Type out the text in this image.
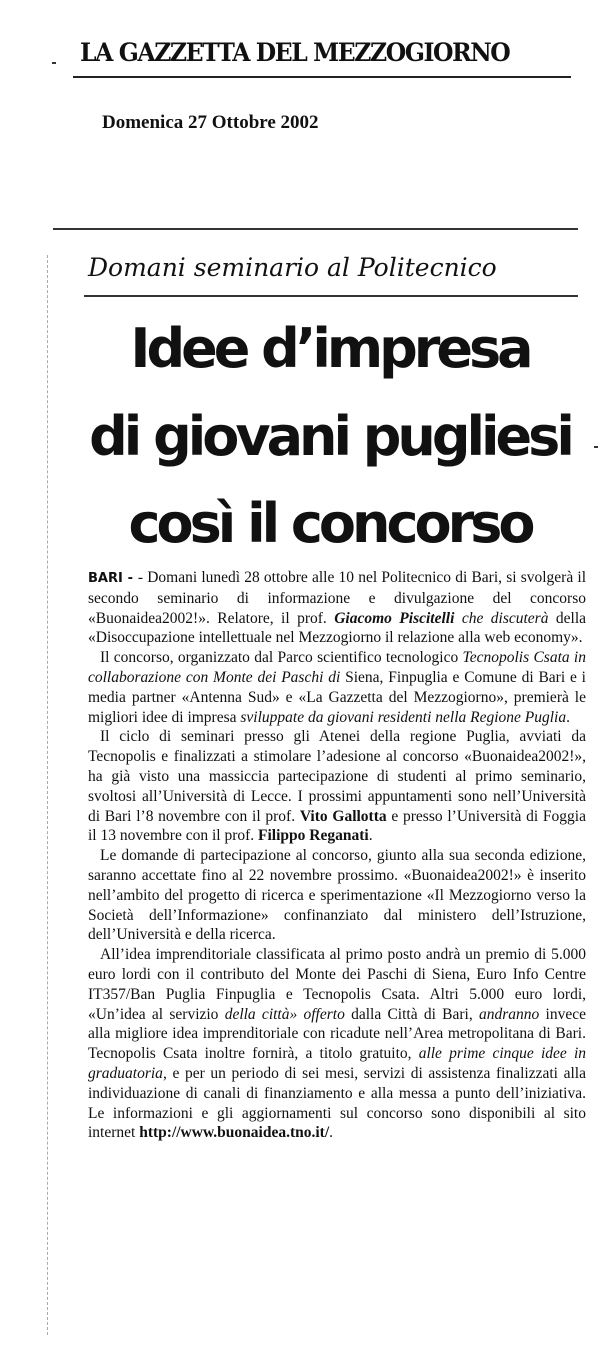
LA GAZZETTA DEL MEZZOGIORNO
Domenica 27 Ottobre 2002
Domani seminario al Politecnico
Idee d’impresa
di giovani pugliesi
così il concorso

BARI - - Domani lunedì 28 ottobre alle 10 nel Politecnico di Bari, si svolgerà il secondo seminario di informazione e divulgazione del concorso «Buonaidea2002!». Relatore, il prof. Giacomo Piscitelli che discuterà della «Disoccupazione intellettuale nel Mezzogiorno il relazione alla web economy».

Il concorso, organizzato dal Parco scientifico tecnologico Tecnopolis Csata in collaborazione con Monte dei Paschi di Siena, Finpuglia e Comune di Bari e i media partner «Antenna Sud» e «La Gazzetta del Mezzogiorno», premierà le migliori idee di impresa sviluppate da giovani residenti nella Regione Puglia.

Il ciclo di seminari presso gli Atenei della regione Puglia, avviati da Tecnopolis e finalizzati a stimolare l’adesione al concorso «Buonaidea2002!», ha già visto una massiccia partecipazione di studenti al primo seminario, svoltosi all’Università di Lecce. I prossimi appuntamenti sono nell’Università di Bari l’8 novembre con il prof. Vito Gallotta e presso l’Università di Foggia il 13 novembre con il prof. Filippo Reganati.

Le domande di partecipazione al concorso, giunto alla sua seconda edizione, saranno accettate fino al 22 novembre prossimo. «Buonaidea2002!» è inserito nell’ambito del progetto di ricerca e sperimentazione «Il Mezzogiorno verso la Società dell’Informazione» confinanziato dal ministero dell’Istruzione, dell’Università e della ricerca.

All’idea imprenditoriale classificata al primo posto andrà un premio di 5.000 euro lordi con il contributo del Monte dei Paschi di Siena, Euro Info Centre IT357/Ban Puglia Finpuglia e Tecnopolis Csata. Altri 5.000 euro lordi, «Un’idea al servizio della città» offerto dalla Città di Bari, andranno invece alla migliore idea imprenditoriale con ricadute nell’Area metropolitana di Bari. Tecnopolis Csata inoltre fornirà, a titolo gratuito, alle prime cinque idee in graduatoria, e per un periodo di sei mesi, servizi di assistenza finalizzati alla individuazione di canali di finanziamento e alla messa a punto dell’iniziativa. Le informazioni e gli aggiornamenti sul concorso sono disponibili al sito internet http://www.buonaidea.tno.it/.
